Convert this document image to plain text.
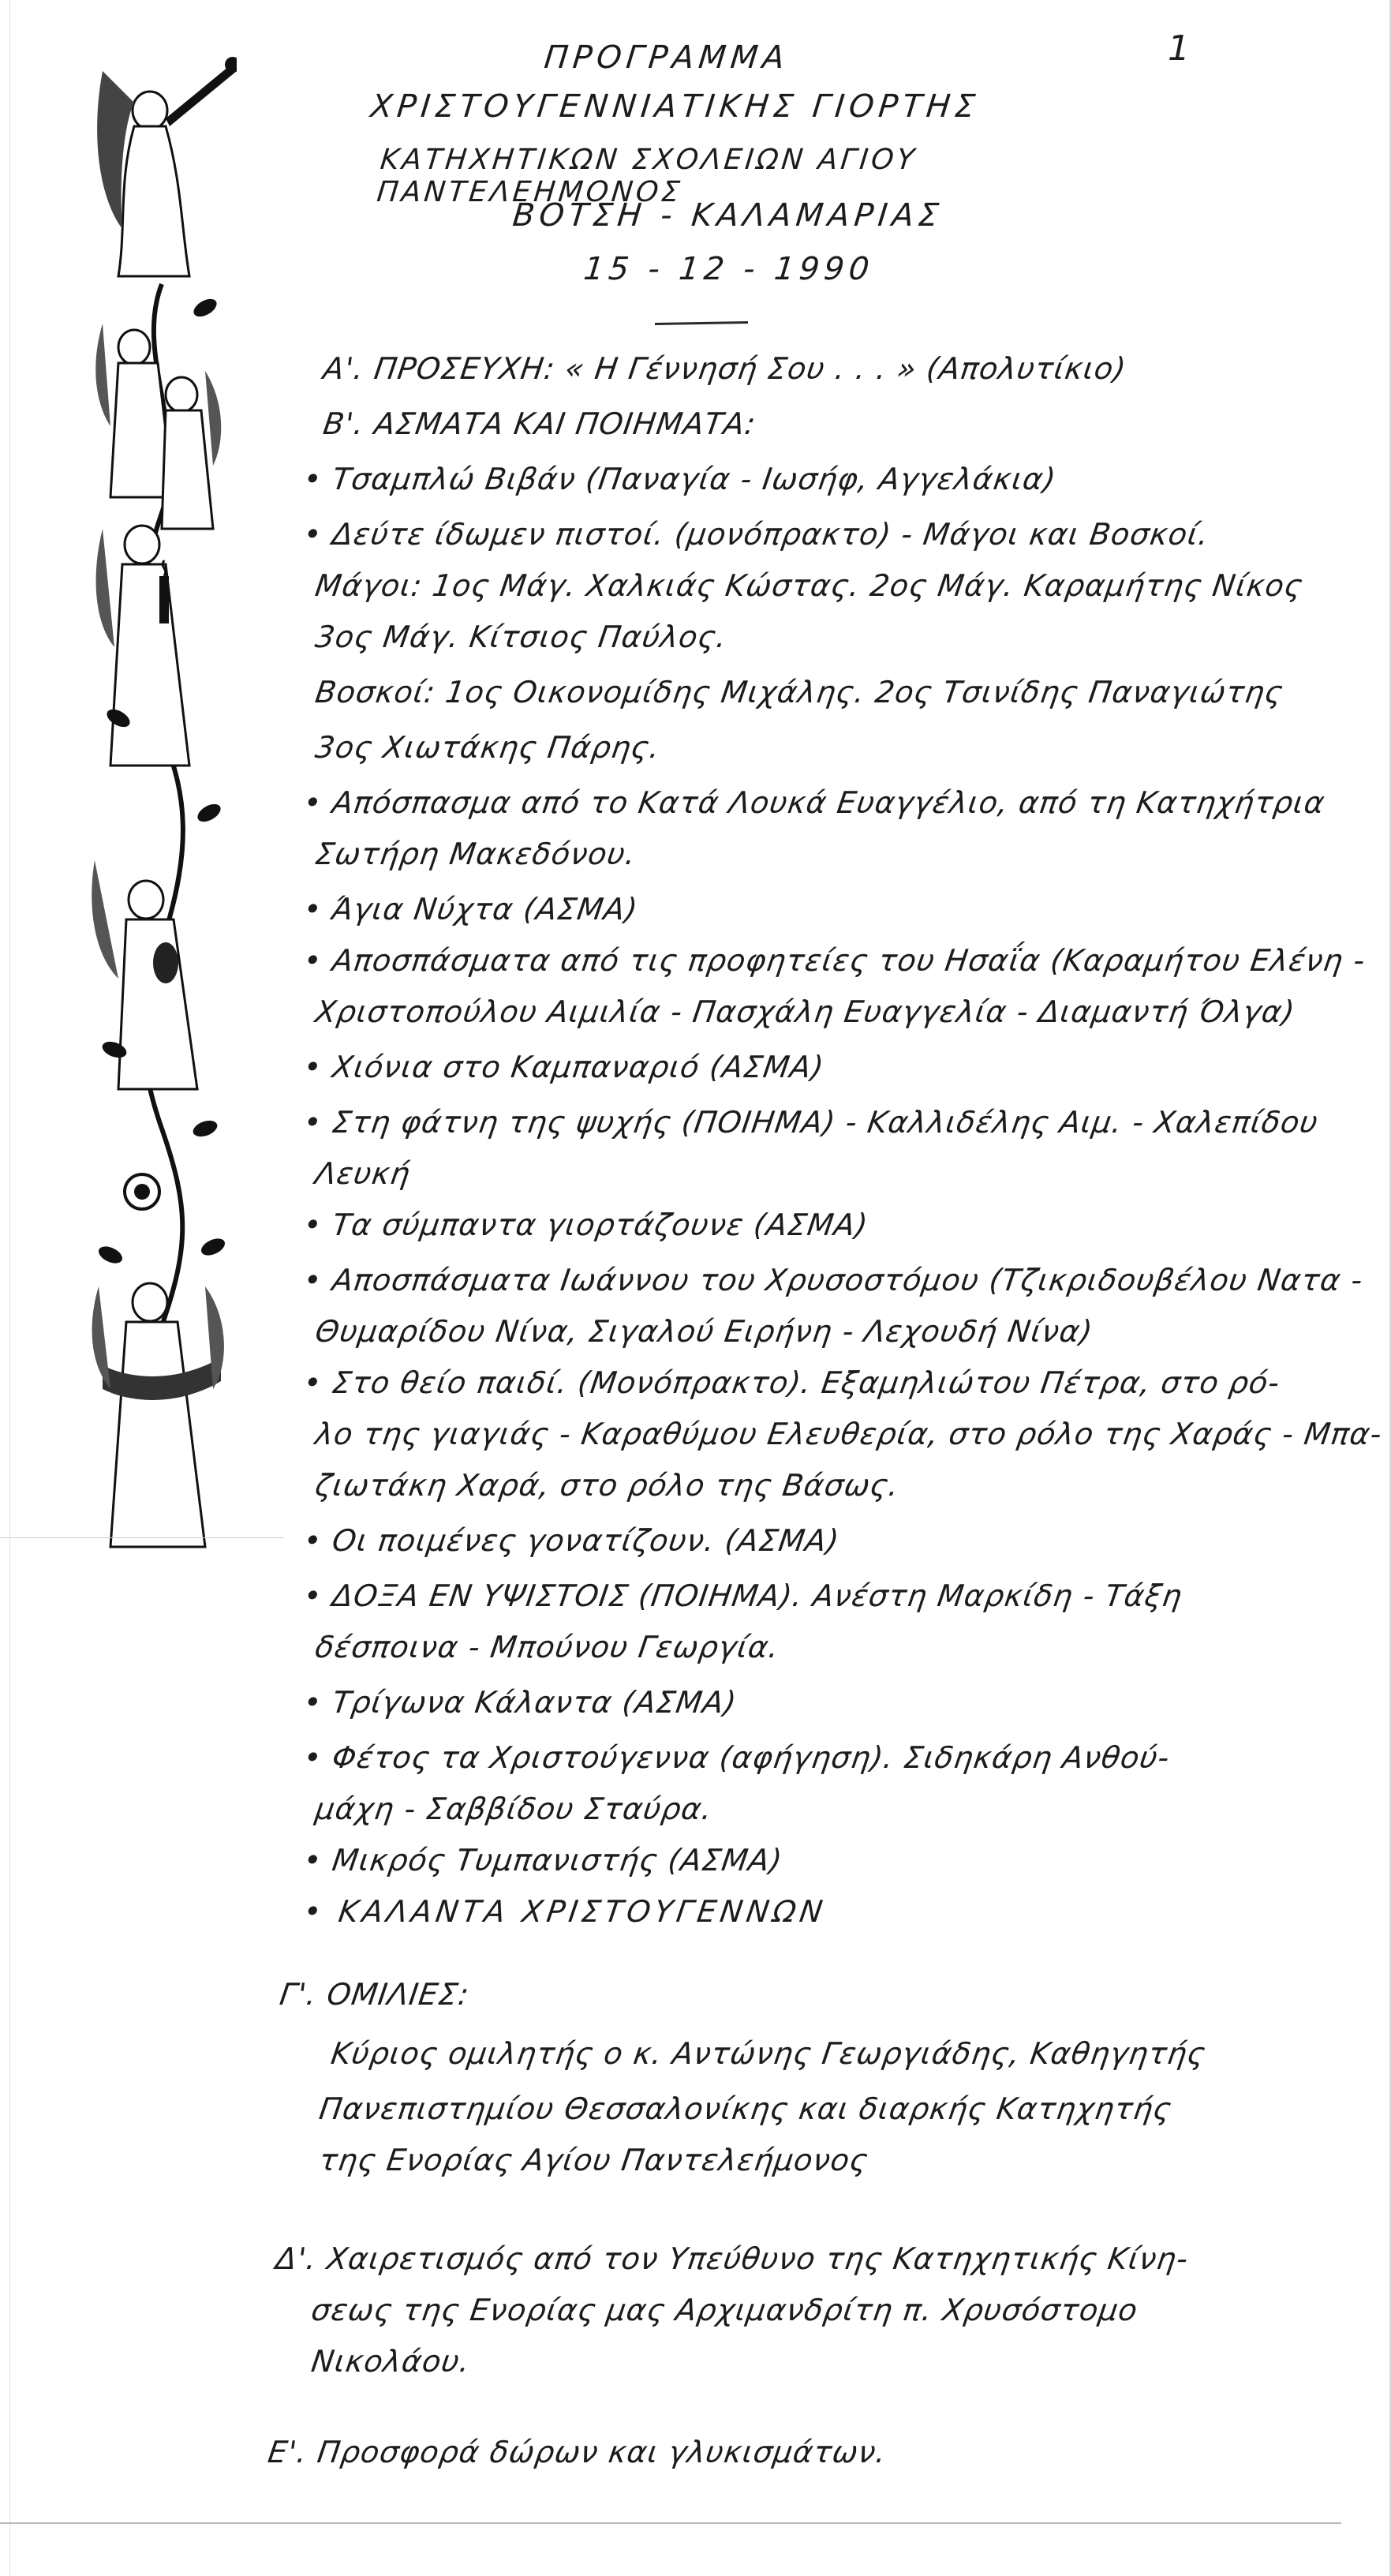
1
ΠΡΟΓΡΑΜΜΑ
ΧΡΙΣΤΟΥΓΕΝΝΙΑΤΙΚΗΣ ΓΙΟΡΤΗΣ
ΚΑΤΗΧΗΤΙΚΩΝ ΣΧΟΛΕΙΩΝ ΑΓΙΟΥ ΠΑΝΤΕΛΕΗΜΟΝΟΣ
ΒΟΤΣΗ - ΚΑΛΑΜΑΡΙΑΣ
15 - 12 - 1990
Α'. ΠΡΟΣΕΥΧΗ: « Η Γέννησή Σου . . . » (Απολυτίκιο)
Β'. ΑΣΜΑΤΑ ΚΑΙ ΠΟΙΗΜΑΤΑ:
• Τσαμπλώ Βιβάν (Παναγία - Ιωσήφ, Αγγελάκια)
• Δεύτε ίδωμεν πιστοί. (μονόπρακτο) - Μάγοι και Βοσκοί.
Μάγοι: 1ος Μάγ. Χαλκιάς Κώστας. 2ος Μάγ. Καραμήτης Νίκος
3ος Μάγ. Κίτσιος Παύλος.
Βοσκοί: 1ος Οικονομίδης Μιχάλης. 2ος Τσινίδης Παναγιώτης
3ος Χιωτάκης Πάρης.
• Απόσπασμα από το Κατά Λουκά Ευαγγέλιο, από τη Κατηχήτρια
Σωτήρη Μακεδόνου.
• Άγια Νύχτα (ΑΣΜΑ)
• Αποσπάσματα από τις προφητείες του Ησαΐα (Καραμήτου Ελένη -
Χριστοπούλου Αιμιλία - Πασχάλη Ευαγγελία - Διαμαντή Όλγα)
• Χιόνια στο Καμπαναριό (ΑΣΜΑ)
• Στη φάτνη της ψυχής (ΠΟΙΗΜΑ) - Καλλιδέλης Αιμ. - Χαλεπίδου
Λευκή
• Τα σύμπαντα γιορτάζουνε (ΑΣΜΑ)
• Αποσπάσματα Ιωάννου του Χρυσοστόμου (Τζικριδουβέλου Νατα -
Θυμαρίδου Νίνα, Σιγαλού Ειρήνη - Λεχουδή Νίνα)
• Στο θείο παιδί. (Μονόπρακτο). Εξαμηλιώτου Πέτρα, στο ρό-
λο της γιαγιάς - Καραθύμου Ελευθερία, στο ρόλο της Χαράς - Μπα-
ζιωτάκη Χαρά, στο ρόλο της Βάσως.
• Οι ποιμένες γονατίζουν. (ΑΣΜΑ)
• ΔΟΞΑ ΕΝ ΥΨΙΣΤΟΙΣ (ΠΟΙΗΜΑ). Ανέστη Μαρκίδη - Τάξη
δέσποινα - Μπούνου Γεωργία.
• Τρίγωνα Κάλαντα (ΑΣΜΑ)
• Φέτος τα Χριστούγεννα (αφήγηση). Σιδηκάρη Ανθού-
μάχη - Σαββίδου Σταύρα.
• Μικρός Τυμπανιστής (ΑΣΜΑ)
• ΚΑΛΑΝΤΑ ΧΡΙΣΤΟΥΓΕΝΝΩΝ
Γ'. ΟΜΙΛΙΕΣ:
Κύριος ομιλητής ο κ. Αντώνης Γεωργιάδης, Καθηγητής
Πανεπιστημίου Θεσσαλονίκης και διαρκής Κατηχητής
της Ενορίας Αγίου Παντελεήμονος
Δ'. Χαιρετισμός από τον Υπεύθυνο της Κατηχητικής Κίνη-
σεως της Ενορίας μας Αρχιμανδρίτη π. Χρυσόστομο
Νικολάου.
Ε'. Προσφορά δώρων και γλυκισμάτων.
